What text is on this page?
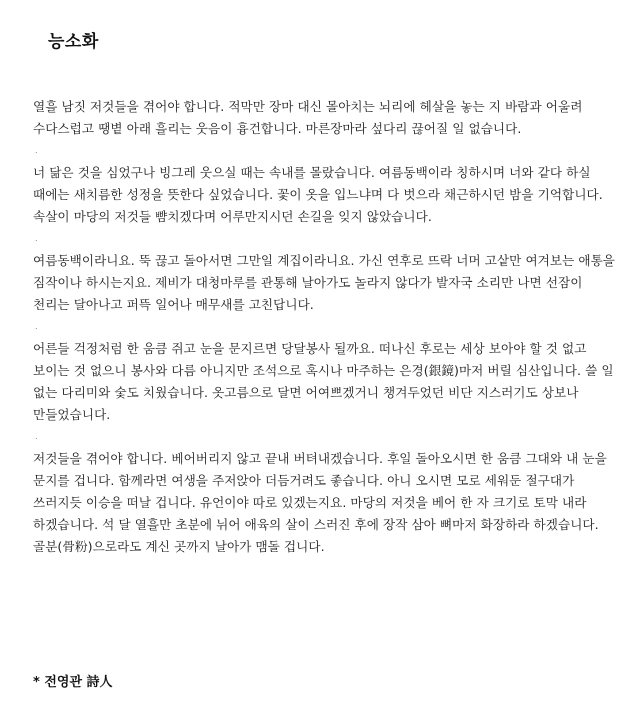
능소화

열흘 남짓 저것들을 겪어야 합니다. 적막만 장마 대신 몰아치는 뇌리에 헤살을 놓는 지 바람과 어울려 수다스럽고 땡볕 아래 흘리는 웃음이 흉건합니다. 마른장마라 섶다리 끊어질 일 없습니다.

.

너 닮은 것을 심었구나 빙그레 웃으실 때는 속내를 몰랐습니다. 여름동백이라 칭하시며 너와 같다 하실 때에는 새치름한 성정을 뜻한다 싶었습니다. 꽃이 옷을 입느냐며 다 벗으라 채근하시던 밤을 기억합니다. 속살이 마당의 저것들 뺨치겠다며 어루만지시던 손길을 잊지 않았습니다.

.

여름동백이라니요. 뚝 끊고 돌아서면 그만일 계집이라니요. 가신 연후로 뜨락 너머 고샅만 여겨보는 애통을 짐작이나 하시는지요. 제비가 대청마루를 관통해 날아가도 놀라지 않다가 발자국 소리만 나면 선잠이 천리는 달아나고 퍼뜩 일어나 매무새를 고친답니다.

.

어른들 걱정처럼 한 움큼 쥐고 눈을 문지르면 당달봉사 될까요. 떠나신 후로는 세상 보아야 할 것 없고 보이는 것 없으니 봉사와 다름 아니지만 조석으로 혹시나 마주하는 은경(銀鏡)마저 버릴 심산입니다. 쓸 일 없는 다리미와 숯도 치웠습니다. 옷고름으로 달면 어여쁘겠거니 챙겨두었던 비단 지스러기도 상보나 만들었습니다.

.

저것들을 겪어야 합니다. 베어버리지 않고 끝내 버텨내겠습니다. 후일 돌아오시면 한 움큼 그대와 내 눈을 문지를 겁니다. 함께라면 여생을 주저앉아 더듬거려도 좋습니다. 아니 오시면 모로 세워둔 절구대가 쓰러지듯 이승을 떠날 겁니다. 유언이야 따로 있겠는지요. 마당의 저것을 베어 한 자 크기로 토막 내라 하겠습니다. 석 달 열흘만 초분에 뉘어 애육의 살이 스러진 후에 장작 삼아 뼈마저 화장하라 하겠습니다. 골분(骨粉)으로라도 계신 곳까지 날아가 맴돌 겁니다.

* 전영관 詩人
